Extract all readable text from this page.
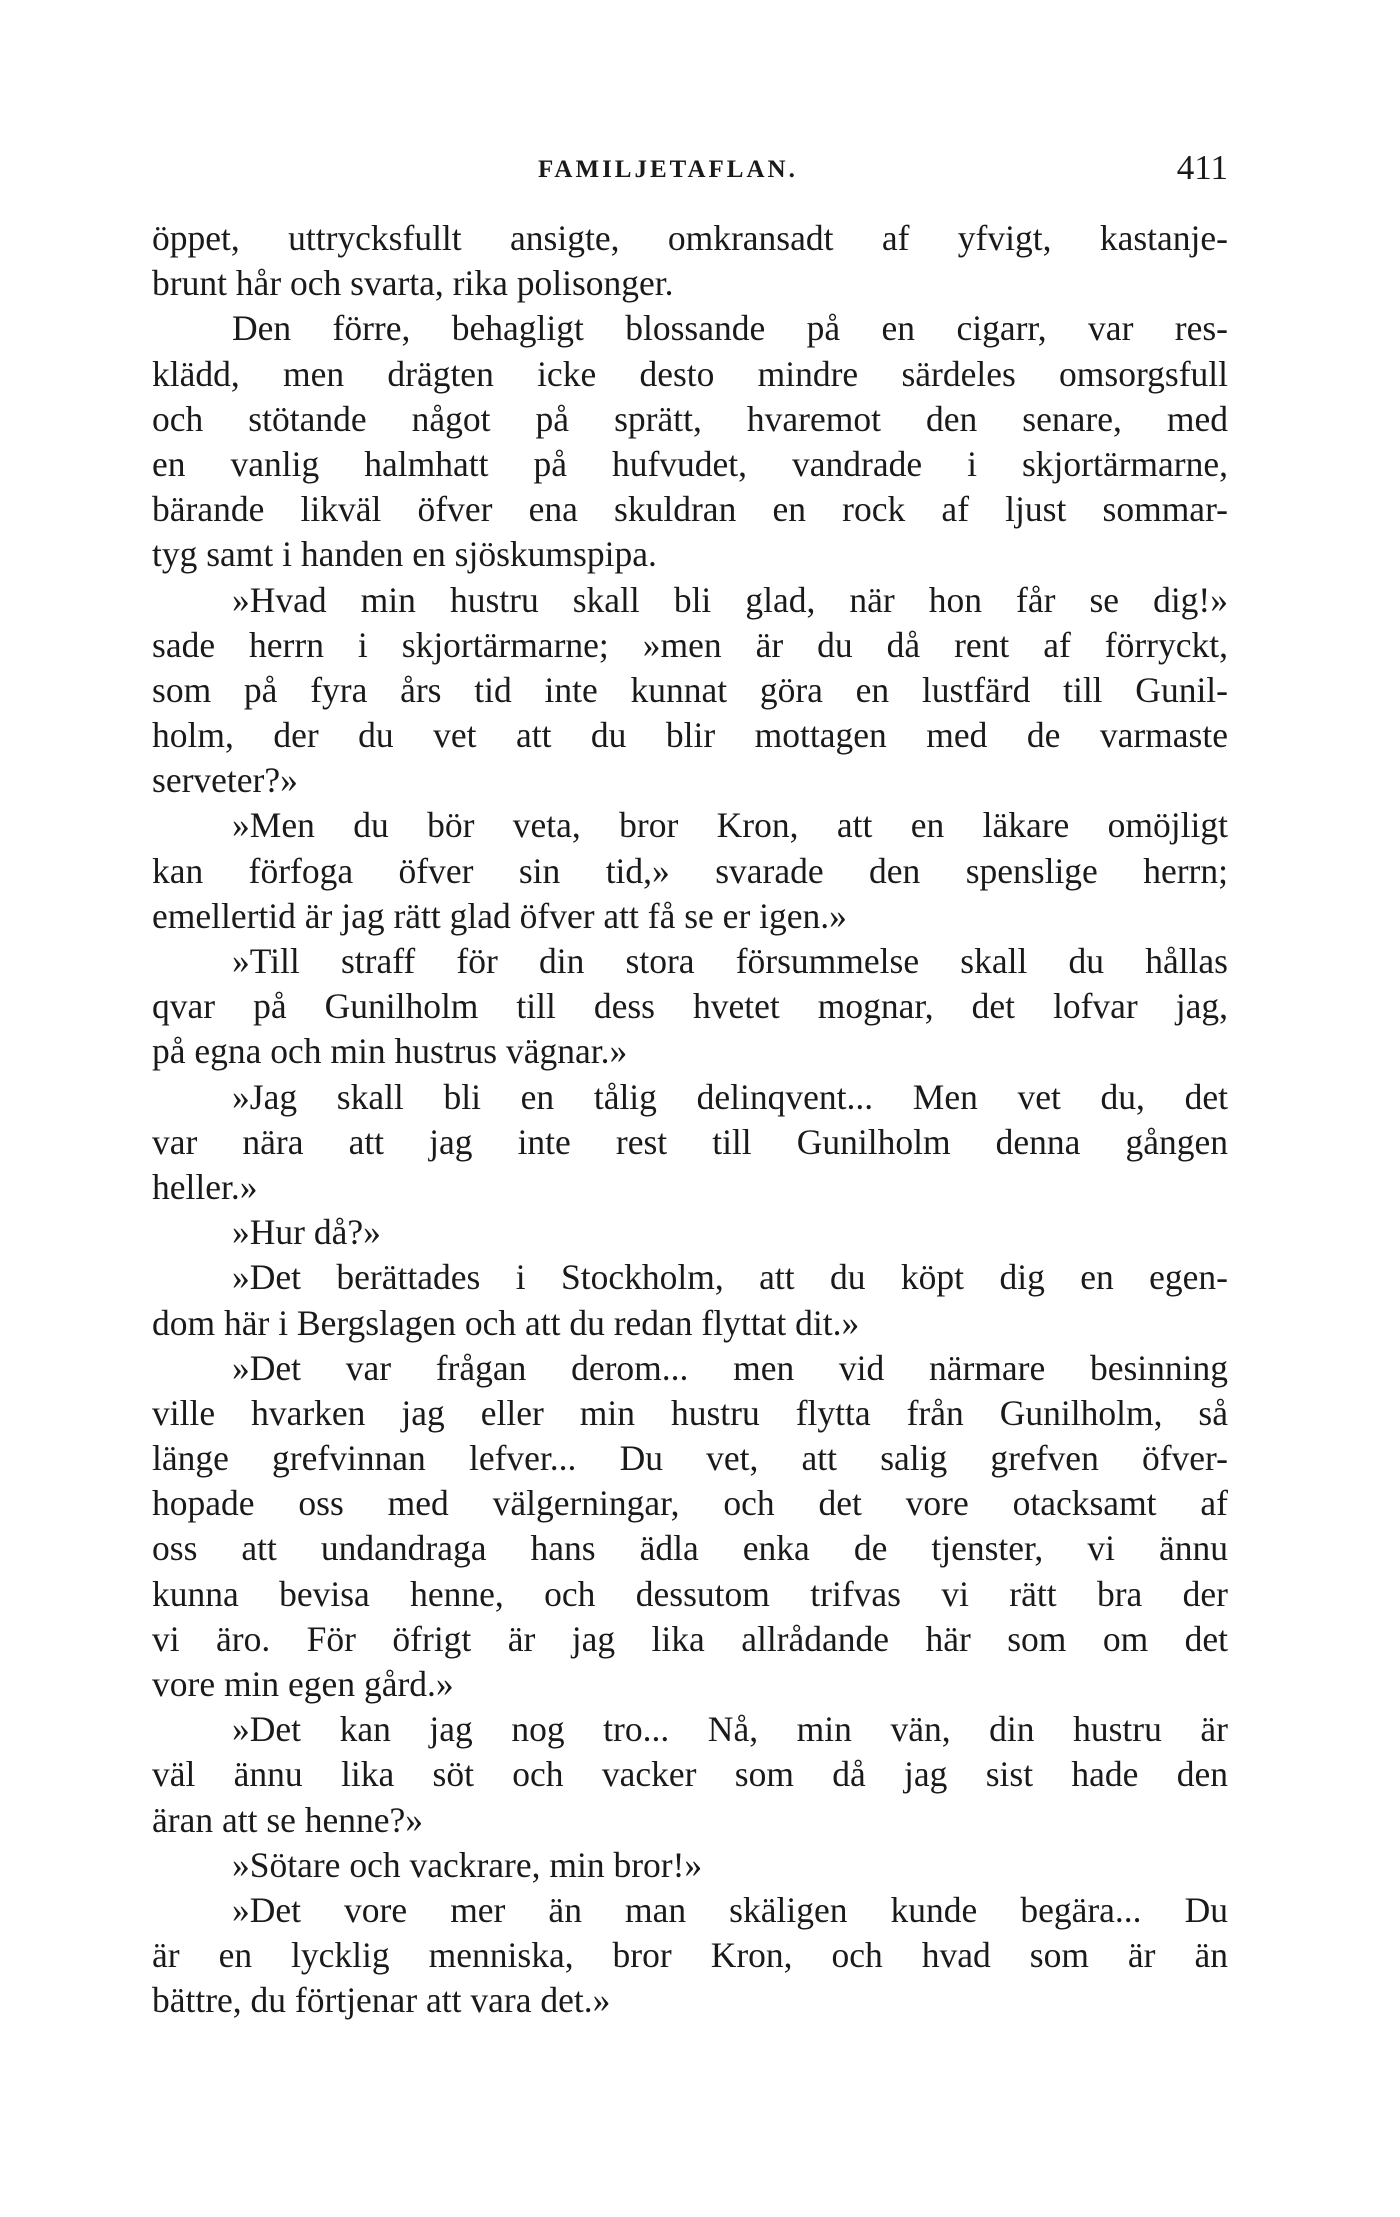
FAMILJETAFLAN.	411
öppet, uttrycksfullt ansigte, omkransadt af yfvigt, kastanje-
brunt hår och svarta, rika polisonger.
Den förre, behagligt blossande på en cigarr, var res-
klädd, men drägten icke desto mindre särdeles omsorgsfull
och stötande något på sprätt, hvaremot den senare, med
en vanlig halmhatt på hufvudet, vandrade i skjortärmarne,
bärande likväl öfver ena skuldran en rock af ljust sommar-
tyg samt i handen en sjöskumspipa.
»Hvad min hustru skall bli glad, när hon får se dig!»
sade herrn i skjortärmarne; »men är du då rent af förryckt,
som på fyra års tid inte kunnat göra en lustfärd till Gunil-
holm, der du vet att du blir mottagen med de varmaste
serveter?»
»Men du bör veta, bror Kron, att en läkare omöjligt
kan förfoga öfver sin tid,» svarade den spenslige herrn;
emellertid är jag rätt glad öfver att få se er igen.»
»Till straff för din stora försummelse skall du hållas
qvar på Gunilholm till dess hvetet mognar, det lofvar jag,
på egna och min hustrus vägnar.»
»Jag skall bli en tålig delinqvent... Men vet du, det
var nära att jag inte rest till Gunilholm denna gången
heller.»
»Hur då?»
»Det berättades i Stockholm, att du köpt dig en egen-
dom här i Bergslagen och att du redan flyttat dit.»
»Det var frågan derom... men vid närmare besinning
ville hvarken jag eller min hustru flytta från Gunilholm, så
länge grefvinnan lefver... Du vet, att salig grefven öfver-
hopade oss med välgerningar, och det vore otacksamt af
oss att undandraga hans ädla enka de tjenster, vi ännu
kunna bevisa henne, och dessutom trifvas vi rätt bra der
vi äro. För öfrigt är jag lika allrådande här som om det
vore min egen gård.»
»Det kan jag nog tro... Nå, min vän, din hustru är
väl ännu lika söt och vacker som då jag sist hade den
äran att se henne?»
»Sötare och vackrare, min bror!»
»Det vore mer än man skäligen kunde begära... Du
är en lycklig menniska, bror Kron, och hvad som är än
bättre, du förtjenar att vara det.»
